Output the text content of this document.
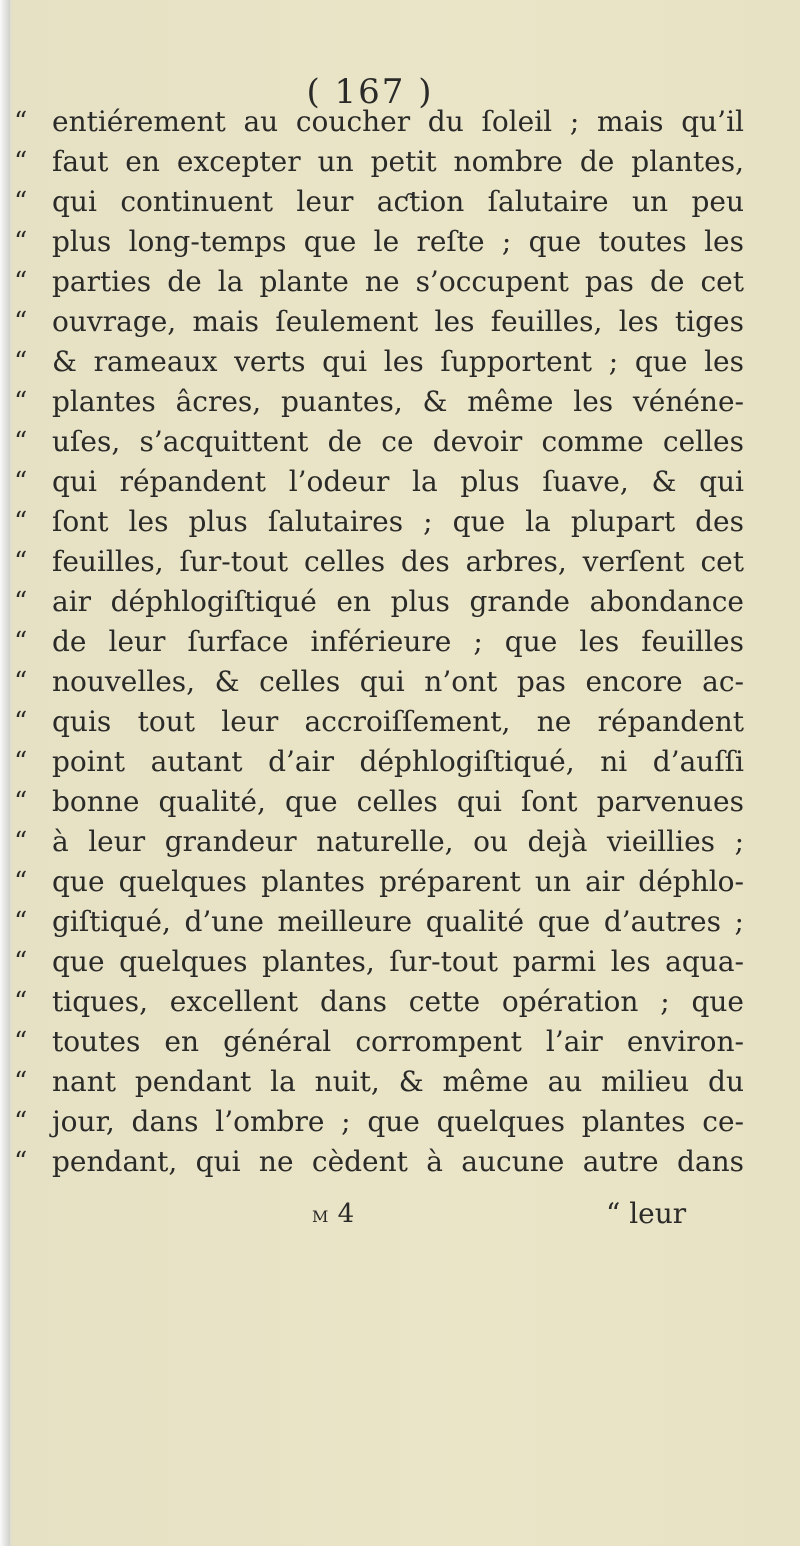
( 167 )
“ entiérement au coucher du ſoleil ; mais qu’il
“ faut en excepter un petit nombre de plantes,
“ qui continuent leur aƈtion ſalutaire un peu
“ plus long-temps que le reſte ; que toutes les
“ parties de la plante ne s’occupent pas de cet
“ ouvrage, mais ſeulement les feuilles, les tiges
“ & rameaux verts qui les ſupportent ; que les
“ plantes âcres, puantes, & même les vénéne-
“ uſes, s’acquittent de ce devoir comme celles
“ qui répandent l’odeur la plus ſuave, & qui
“ ſont les plus ſalutaires ; que la plupart des
“ feuilles, ſur-tout celles des arbres, verſent cet
“ air déphlogiſtiqué en plus grande abondance
“ de leur ſurface inférieure ; que les feuilles
“ nouvelles, & celles qui n’ont pas encore ac-
“ quis tout leur accroiſſement, ne répandent
“ point autant d’air déphlogiſtiqué, ni d’auſſi
“ bonne qualité, que celles qui ſont parvenues
“ à leur grandeur naturelle, ou dejà vieillies ;
“ que quelques plantes préparent un air déphlo-
“ giſtiqué, d’une meilleure qualité que d’autres ;
“ que quelques plantes, ſur-tout parmi les aqua-
“ tiques, excellent dans cette opération ; que
“ toutes en général corrompent l’air environ-
“ nant pendant la nuit, & même au milieu du
“ jour, dans l’ombre ; que quelques plantes ce-
“ pendant, qui ne cèdent à aucune autre dans
M 4	“ leur
